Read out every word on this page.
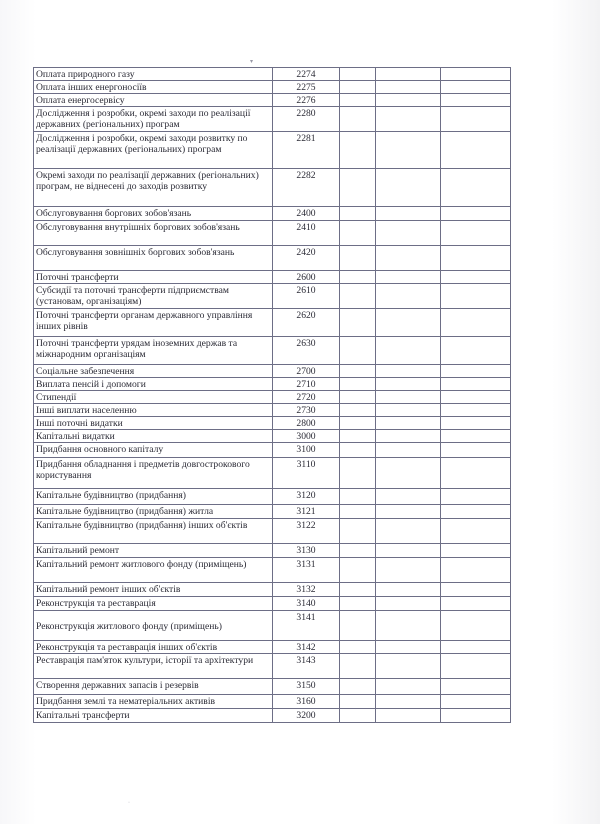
▾
Оплата природного газу	2274			
Оплата інших енергоносіїв	2275			
Оплата енергосервісу	2276			
Дослідження і розробки, окремі заходи по реалізації державних (регіональних) програм	2280			
Дослідження і розробки, окремі заходи розвитку по реалізації державних (регіональних) програм	2281			
Окремі заходи по реалізації державних (регіональних) програм, не віднесені до заходів розвитку	2282			
Обслуговування боргових зобов'язань	2400			
Обслуговування внутрішніх боргових зобов'язань	2410			
Обслуговування зовнішніх боргових зобов'язань	2420			
Поточні трансферти	2600			
Субсидії та поточні трансферти підприємствам (установам, організаціям)	2610			
Поточні трансферти органам державного управління інших рівнів	2620			
Поточні трансферти урядам іноземних держав та міжнародним організаціям	2630			
Соціальне забезпечення	2700			
Виплата пенсій і допомоги	2710			
Стипендії	2720			
Інші виплати населенню	2730			
Інші поточні видатки	2800			
Капітальні видатки	3000			
Придбання основного капіталу	3100			
Придбання обладнання і предметів довгострокового користування	3110			
Капітальне будівництво (придбання)	3120			
Капітальне будівництво (придбання) житла	3121			
Капітальне будівництво (придбання) інших об'єктів	3122			
Капітальний ремонт	3130			
Капітальний ремонт житлового фонду (приміщень)	3131			
Капітальний ремонт інших об'єктів	3132			
Реконструкція та реставрація	3140			
Реконструкція житлового фонду (приміщень)	3141			
Реконструкція та реставрація інших об'єктів	3142			
Реставрація пам'яток культури, історії та архітектури	3143			
Створення державних запасів і резервів	3150			
Придбання землі та нематеріальних активів	3160			
Капітальні трансферти	3200			
·
